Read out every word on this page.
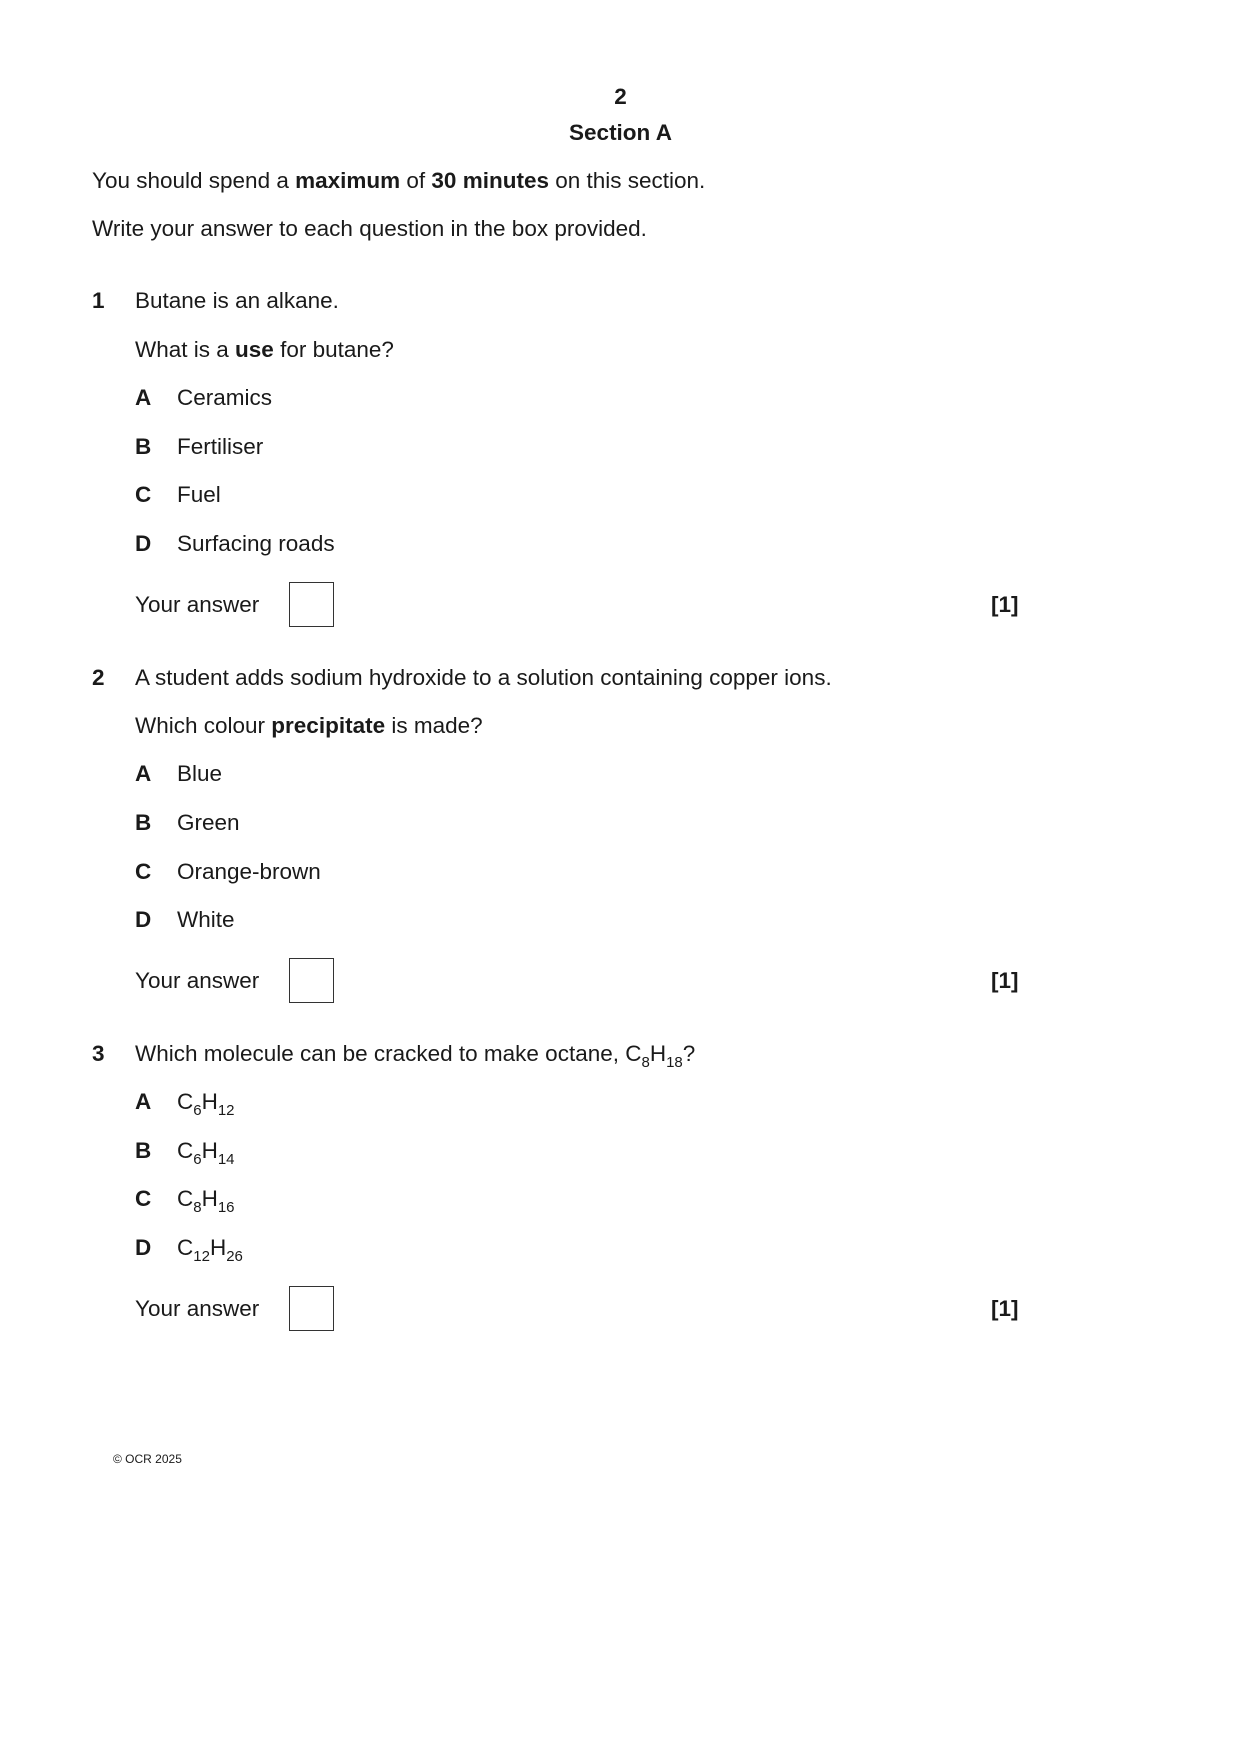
2
Section A
You should spend a maximum of 30 minutes on this section.
Write your answer to each question in the box provided.
1 Butane is an alkane.
What is a use for butane?
A Ceramics
B Fertiliser
C Fuel
D Surfacing roads
Your answer	[1]
2 A student adds sodium hydroxide to a solution containing copper ions.
Which colour precipitate is made?
A Blue
B Green
C Orange-brown
D White
Your answer	[1]
3 Which molecule can be cracked to make octane, $C_8H_{18}$?
A $C_6H_{12}$
B $C_6H_{14}$
C $C_8H_{16}$
D $C_{12}H_{26}$
Your answer	[1]
© OCR 2025
